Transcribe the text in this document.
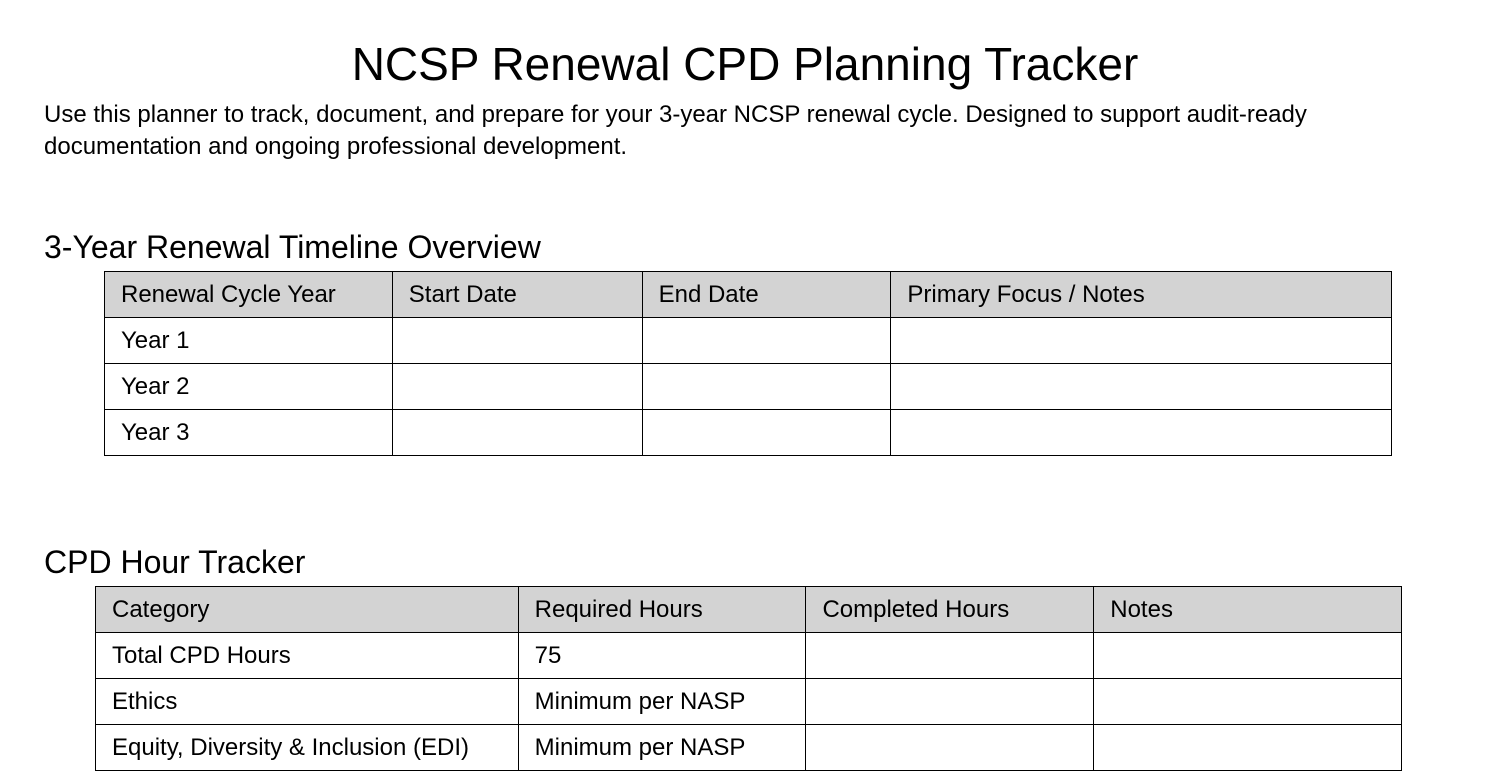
NCSP Renewal CPD Planning Tracker
Use this planner to track, document, and prepare for your 3-year NCSP renewal cycle. Designed to support audit-ready documentation and ongoing professional development.
3-Year Renewal Timeline Overview
Renewal Cycle Year	Start Date	End Date	Primary Focus / Notes
Year 1			
Year 2			
Year 3			
CPD Hour Tracker
Category	Required Hours	Completed Hours	Notes
Total CPD Hours	75		
Ethics	Minimum per NASP		
Equity, Diversity & Inclusion (EDI)	Minimum per NASP		
